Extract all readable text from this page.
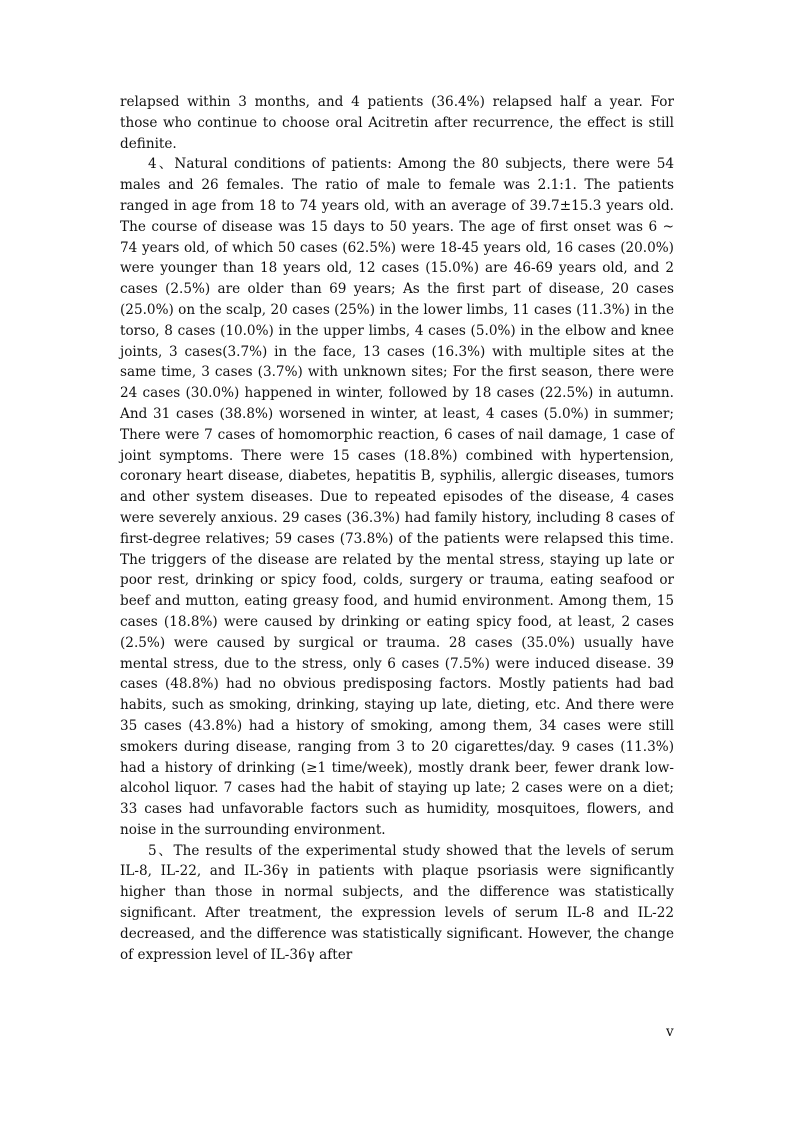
relapsed within 3 months, and 4 patients (36.4%) relapsed half a year. For those who continue to choose oral Acitretin after recurrence, the effect is still definite.

4、Natural conditions of patients: Among the 80 subjects, there were 54 males and 26 females. The ratio of male to female was 2.1:1. The patients ranged in age from 18 to 74 years old, with an average of 39.7±15.3 years old. The course of disease was 15 days to 50 years. The age of first onset was 6 ~ 74 years old, of which 50 cases (62.5%) were 18-45 years old, 16 cases (20.0%) were younger than 18 years old, 12 cases (15.0%) are 46-69 years old, and 2 cases (2.5%) are older than 69 years; As the first part of disease, 20 cases (25.0%) on the scalp, 20 cases (25%) in the lower limbs, 11 cases (11.3%) in the torso, 8 cases (10.0%) in the upper limbs, 4 cases (5.0%) in the elbow and knee joints, 3 cases(3.7%) in the face, 13 cases (16.3%) with multiple sites at the same time, 3 cases (3.7%) with unknown sites; For the first season, there were 24 cases (30.0%) happened in winter, followed by 18 cases (22.5%) in autumn. And 31 cases (38.8%) worsened in winter, at least, 4 cases (5.0%) in summer; There were 7 cases of homomorphic reaction, 6 cases of nail damage, 1 case of joint symptoms. There were 15 cases (18.8%) combined with hypertension, coronary heart disease, diabetes, hepatitis B, syphilis, allergic diseases, tumors and other system diseases. Due to repeated episodes of the disease, 4 cases were severely anxious. 29 cases (36.3%) had family history, including 8 cases of first-degree relatives; 59 cases (73.8%) of the patients were relapsed this time. The triggers of the disease are related by the mental stress, staying up late or poor rest, drinking or spicy food, colds, surgery or trauma, eating seafood or beef and mutton, eating greasy food, and humid environment. Among them, 15 cases (18.8%) were caused by drinking or eating spicy food, at least, 2 cases (2.5%) were caused by surgical or trauma. 28 cases (35.0%) usually have mental stress, due to the stress, only 6 cases (7.5%) were induced disease. 39 cases (48.8%) had no obvious predisposing factors. Mostly patients had bad habits, such as smoking, drinking, staying up late, dieting, etc. And there were 35 cases (43.8%) had a history of smoking, among them, 34 cases were still smokers during disease, ranging from 3 to 20 cigarettes/day. 9 cases (11.3%) had a history of drinking (≥1 time/week), mostly drank beer, fewer drank low-alcohol liquor. 7 cases had the habit of staying up late; 2 cases were on a diet; 33 cases had unfavorable factors such as humidity, mosquitoes, flowers, and noise in the surrounding environment.

5、The results of the experimental study showed that the levels of serum IL-8, IL-22, and IL-36γ in patients with plaque psoriasis were significantly higher than those in normal subjects, and the difference was statistically significant. After treatment, the expression levels of serum IL-8 and IL-22 decreased, and the difference was statistically significant. However, the change of expression level of IL-36γ after

v
